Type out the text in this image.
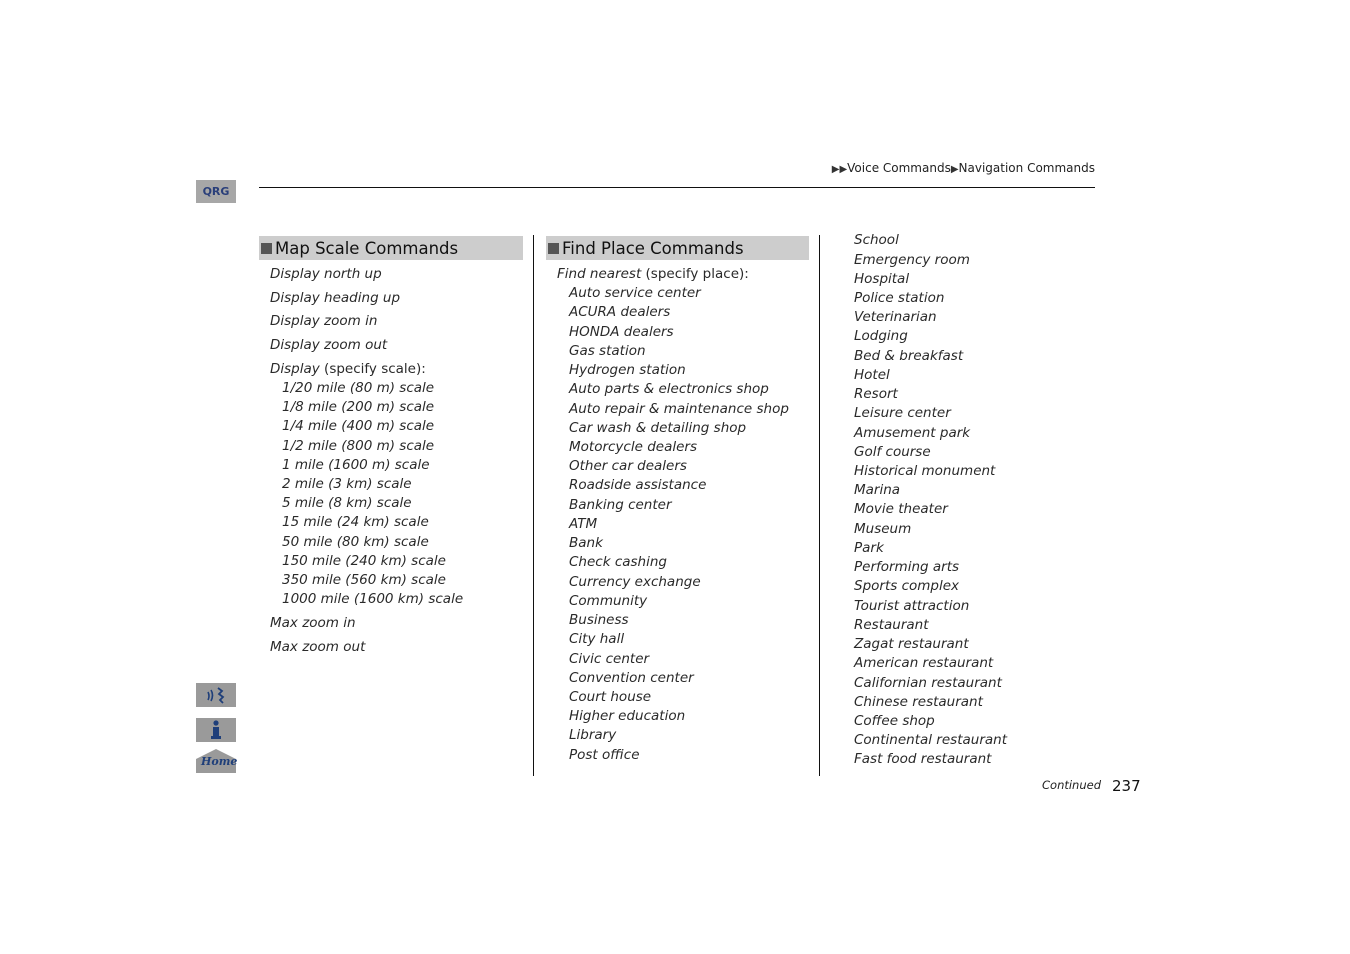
▶▶Voice Commands▶Navigation Commands
QRG
Home
Map Scale Commands
Display north up
Display heading up
Display zoom in
Display zoom out
Display (specify scale):
1/20 mile (80 m) scale
1/8 mile (200 m) scale
1/4 mile (400 m) scale
1/2 mile (800 m) scale
1 mile (1600 m) scale
2 mile (3 km) scale
5 mile (8 km) scale
15 mile (24 km) scale
50 mile (80 km) scale
150 mile (240 km) scale
350 mile (560 km) scale
1000 mile (1600 km) scale
Max zoom in
Max zoom out
Find Place Commands
Find nearest (specify place):
Auto service center
ACURA dealers
HONDA dealers
Gas station
Hydrogen station
Auto parts & electronics shop
Auto repair & maintenance shop
Car wash & detailing shop
Motorcycle dealers
Other car dealers
Roadside assistance
Banking center
ATM
Bank
Check cashing
Currency exchange
Community
Business
City hall
Civic center
Convention center
Court house
Higher education
Library
Post office
School
Emergency room
Hospital
Police station
Veterinarian
Lodging
Bed & breakfast
Hotel
Resort
Leisure center
Amusement park
Golf course
Historical monument
Marina
Movie theater
Museum
Park
Performing arts
Sports complex
Tourist attraction
Restaurant
Zagat restaurant
American restaurant
Californian restaurant
Chinese restaurant
Coffee shop
Continental restaurant
Fast food restaurant
Continued 237
